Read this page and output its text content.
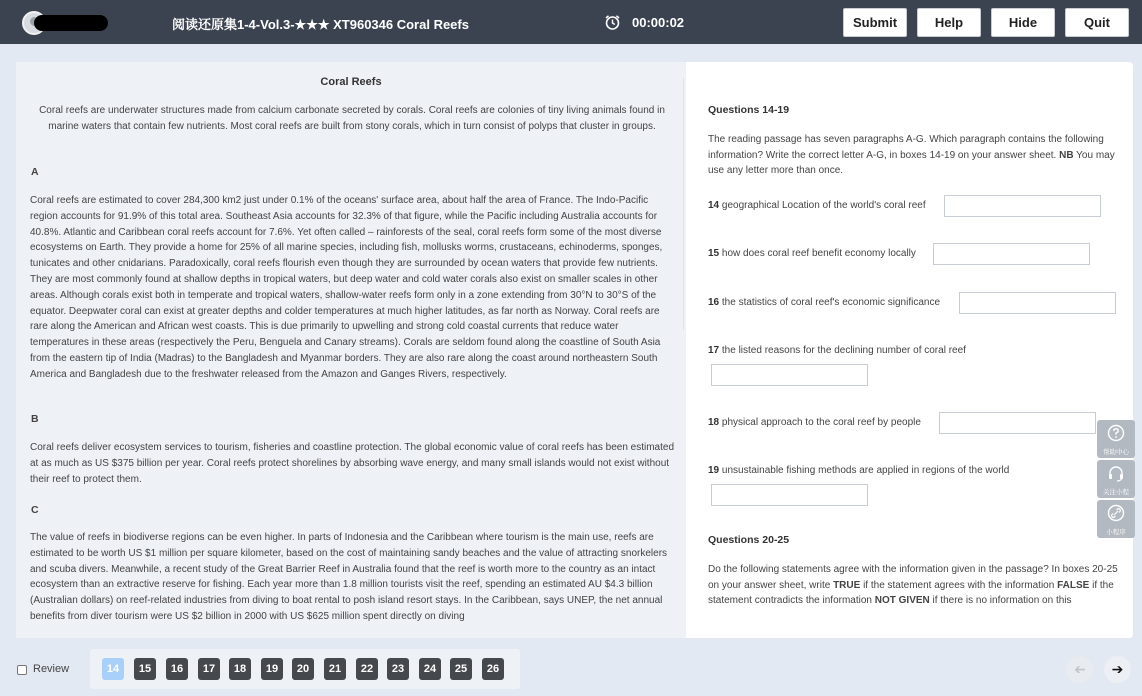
阅读还原集1-4-Vol.3-★★★ XT960346 Coral Reefs	00:00:02	Submit	Help	Hide	Quit
Coral Reefs
Coral reefs are underwater structures made from calcium carbonate secreted by corals. Coral reefs are colonies of tiny living animals found in marine waters that contain few nutrients. Most coral reefs are built from stony corals, which in turn consist of polyps that cluster in groups.
A
Coral reefs are estimated to cover 284,300 km2 just under 0.1% of the oceans' surface area, about half the area of France. The Indo-Pacific region accounts for 91.9% of this total area. Southeast Asia accounts for 32.3% of that figure, while the Pacific including Australia accounts for 40.8%. Atlantic and Caribbean coral reefs account for 7.6%. Yet often called – rainforests of the seal, coral reefs form some of the most diverse ecosystems on Earth. They provide a home for 25% of all marine species, including fish, mollusks worms, crustaceans, echinoderms, sponges, tunicates and other cnidarians. Paradoxically, coral reefs flourish even though they are surrounded by ocean waters that provide few nutrients. They are most commonly found at shallow depths in tropical waters, but deep water and cold water corals also exist on smaller scales in other areas. Although corals exist both in temperate and tropical waters, shallow-water reefs form only in a zone extending from 30°N to 30°S of the equator. Deepwater coral can exist at greater depths and colder temperatures at much higher latitudes, as far north as Norway. Coral reefs are rare along the American and African west coasts. This is due primarily to upwelling and strong cold coastal currents that reduce water temperatures in these areas (respectively the Peru, Benguela and Canary streams). Corals are seldom found along the coastline of South Asia from the eastern tip of India (Madras) to the Bangladesh and Myanmar borders. They are also rare along the coast around northeastern South America and Bangladesh due to the freshwater released from the Amazon and Ganges Rivers, respectively.
B
Coral reefs deliver ecosystem services to tourism, fisheries and coastline protection. The global economic value of coral reefs has been estimated at as much as US $375 billion per year. Coral reefs protect shorelines by absorbing wave energy, and many small islands would not exist without their reef to protect them.
C
The value of reefs in biodiverse regions can be even higher. In parts of Indonesia and the Caribbean where tourism is the main use, reefs are estimated to be worth US $1 million per square kilometer, based on the cost of maintaining sandy beaches and the value of attracting snorkelers and scuba divers. Meanwhile, a recent study of the Great Barrier Reef in Australia found that the reef is worth more to the country as an intact ecosystem than an extractive reserve for fishing. Each year more than 1.8 million tourists visit the reef, spending an estimated AU $4.3 billion (Australian dollars) on reef-related industries from diving to boat rental to posh island resort stays. In the Caribbean, says UNEP, the net annual benefits from diver tourism were US $2 billion in 2000 with US $625 million spent directly on diving
Questions 14-19
The reading passage has seven paragraphs A-G. Which paragraph contains the following information? Write the correct letter A-G, in boxes 14-19 on your answer sheet. NB You may use any letter more than once.
14 geographical Location of the world's coral reef
15 how does coral reef benefit economy locally
16 the statistics of coral reef's economic significance
17 the listed reasons for the declining number of coral reef
18 physical approach to the coral reef by people
19 unsustainable fishing methods are applied in regions of the world
Questions 20-25
Do the following statements agree with the information given in the passage? In boxes 20-25 on your answer sheet, write TRUE if the statement agrees with the information FALSE if the statement contradicts the information NOT GIVEN if there is no information on this
帮助中心
关注小程
小程序
Review	14	15	16	17	18	19	20	21	22	23	24	25	26	➔	➔
